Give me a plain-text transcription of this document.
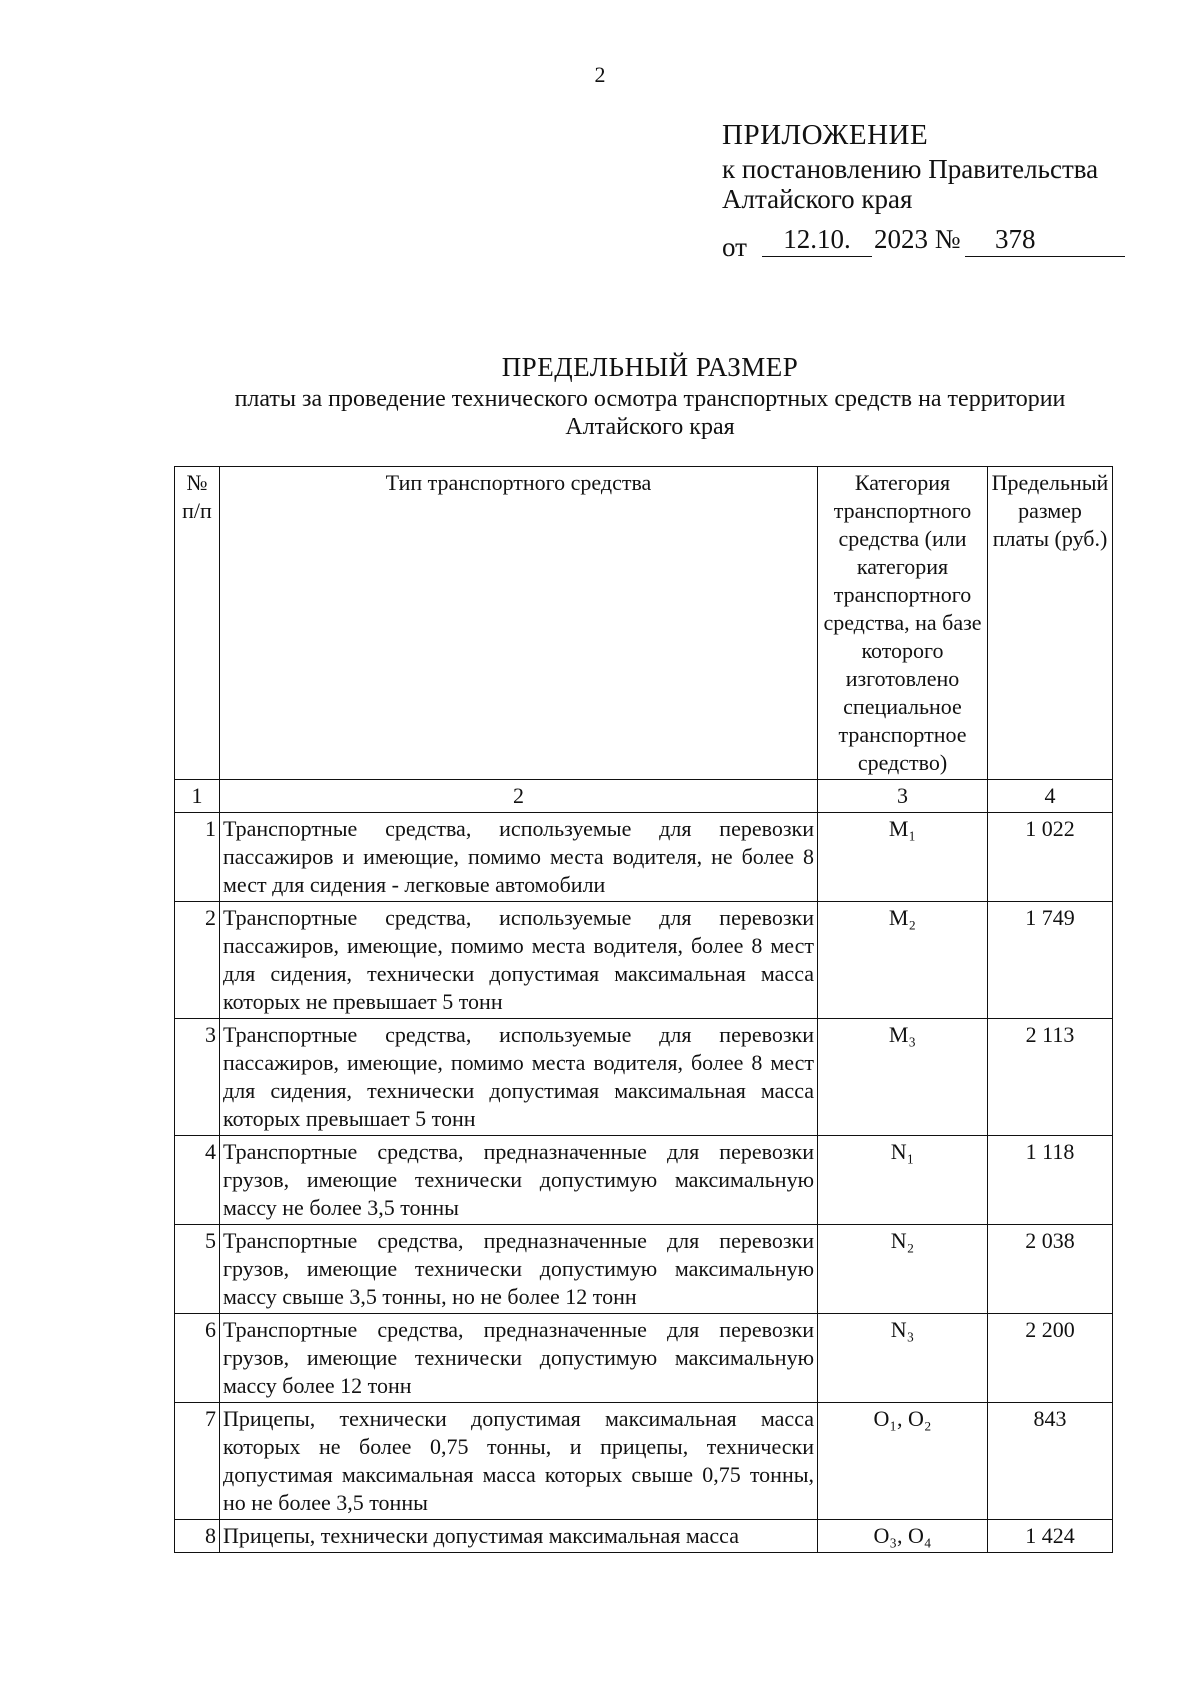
2
ПРИЛОЖЕНИЕ
к постановлению Правительства
Алтайского края
от	12.10. 2023 №	378
ПРЕДЕЛЬНЫЙ РАЗМЕР
платы за проведение технического осмотра транспортных средств на территории Алтайского края
№ п/п	Тип транспортного средства	Категория транспортного средства (или категория транспортного средства, на базе которого изготовлено специальное транспортное средство)	Предельный размер платы (руб.)
1	2	3	4
1	Транспортные средства, используемые для перевозки пассажиров и имеющие, помимо места водителя, не более 8 мест для сидения - легковые автомобили	M₁	1 022
2	Транспортные средства, используемые для перевозки пассажиров, имеющие, помимо места водителя, более 8 мест для сидения, технически допустимая максимальная масса которых не превышает 5 тонн	M₂	1 749
3	Транспортные средства, используемые для перевозки пассажиров, имеющие, помимо места водителя, более 8 мест для сидения, технически допустимая максимальная масса которых превышает 5 тонн	M₃	2 113
4	Транспортные средства, предназначенные для перевозки грузов, имеющие технически допустимую максимальную массу не более 3,5 тонны	N₁	1 118
5	Транспортные средства, предназначенные для перевозки грузов, имеющие технически допустимую максимальную массу свыше 3,5 тонны, но не более 12 тонн	N₂	2 038
6	Транспортные средства, предназначенные для перевозки грузов, имеющие технически допустимую максимальную массу более 12 тонн	N₃	2 200
7	Прицепы, технически допустимая максимальная масса которых не более 0,75 тонны, и прицепы, технически допустимая максимальная масса которых свыше 0,75 тонны, но не более 3,5 тонны	O₁, O₂	843
8	Прицепы, технически допустимая максимальная масса	O₃, O₄	1 424
